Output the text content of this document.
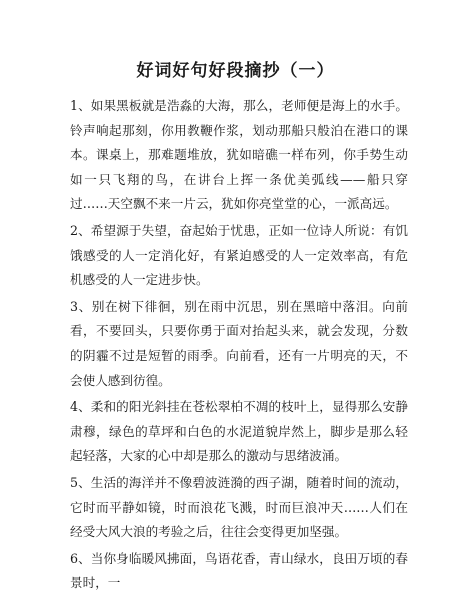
好词好句好段摘抄（一）

1、如果黑板就是浩淼的大海，那么，老师便是海上的水手。铃声响起那刻，你用教鞭作浆，划动那船只般泊在港口的课本。课桌上，那难题堆放，犹如暗礁一样布列，你手势生动如一只飞翔的鸟，在讲台上挥一条优美弧线——船只穿过……天空飘不来一片云，犹如你亮堂堂的心，一派高远。

2、希望源于失望，奋起始于忧患，正如一位诗人所说：有饥饿感受的人一定消化好，有紧迫感受的人一定效率高，有危机感受的人一定进步快。

3、别在树下徘徊，别在雨中沉思，别在黑暗中落泪。向前看，不要回头，只要你勇于面对抬起头来，就会发现，分数的阴霾不过是短暂的雨季。向前看，还有一片明亮的天，不会使人感到彷徨。

4、柔和的阳光斜挂在苍松翠柏不凋的枝叶上，显得那么安静肃穆，绿色的草坪和白色的水泥道貌岸然上，脚步是那么轻起轻落，大家的心中却是那么的激动与思绪波涌。

5、生活的海洋并不像碧波涟漪的西子湖，随着时间的流动，它时而平静如镜，时而浪花飞溅，时而巨浪冲天……人们在经受大风大浪的考验之后，往往会变得更加坚强。

6、当你身临暖风拂面，鸟语花香，青山绿水，良田万顷的春景时，一
